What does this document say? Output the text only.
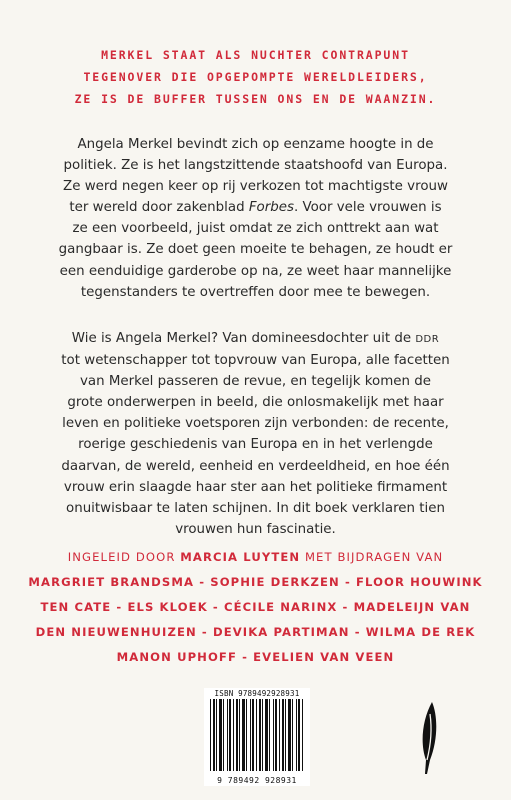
MERKEL STAAT ALS NUCHTER CONTRAPUNT
TEGENOVER DIE OPGEPOMPTE WERELDLEIDERS,
ZE IS DE BUFFER TUSSEN ONS EN DE WAANZIN.
Angela Merkel bevindt zich op eenzame hoogte in de
politiek. Ze is het langstzittende staatshoofd van Europa.
Ze werd negen keer op rij verkozen tot machtigste vrouw
ter wereld door zakenblad Forbes. Voor vele vrouwen is
ze een voorbeeld, juist omdat ze zich onttrekt aan wat
gangbaar is. Ze doet geen moeite te behagen, ze houdt er
een eenduidige garderobe op na, ze weet haar mannelijke
tegenstanders te overtreffen door mee te bewegen.
Wie is Angela Merkel? Van domineesdochter uit de DDR
tot wetenschapper tot topvrouw van Europa, alle facetten
van Merkel passeren de revue, en tegelijk komen de
grote onderwerpen in beeld, die onlosmakelijk met haar
leven en politieke voetsporen zijn verbonden: de recente,
roerige geschiedenis van Europa en in het verlengde
daarvan, de wereld, eenheid en verdeeldheid, en hoe één
vrouw erin slaagde haar ster aan het politieke firmament
onuitwisbaar te laten schijnen. In dit boek verklaren tien
vrouwen hun fascinatie.
INGELEID DOOR MARCIA LUYTEN MET BIJDRAGEN VAN
MARGRIET BRANDSMA - SOPHIE DERKZEN - FLOOR HOUWINK
TEN CATE - ELS KLOEK - CÉCILE NARINX - MADELEIJN VAN
DEN NIEUWENHUIZEN - DEVIKA PARTIMAN - WILMA DE REK
MANON UPHOFF - EVELIEN VAN VEEN
ISBN 9789492928931
9 789492 928931
